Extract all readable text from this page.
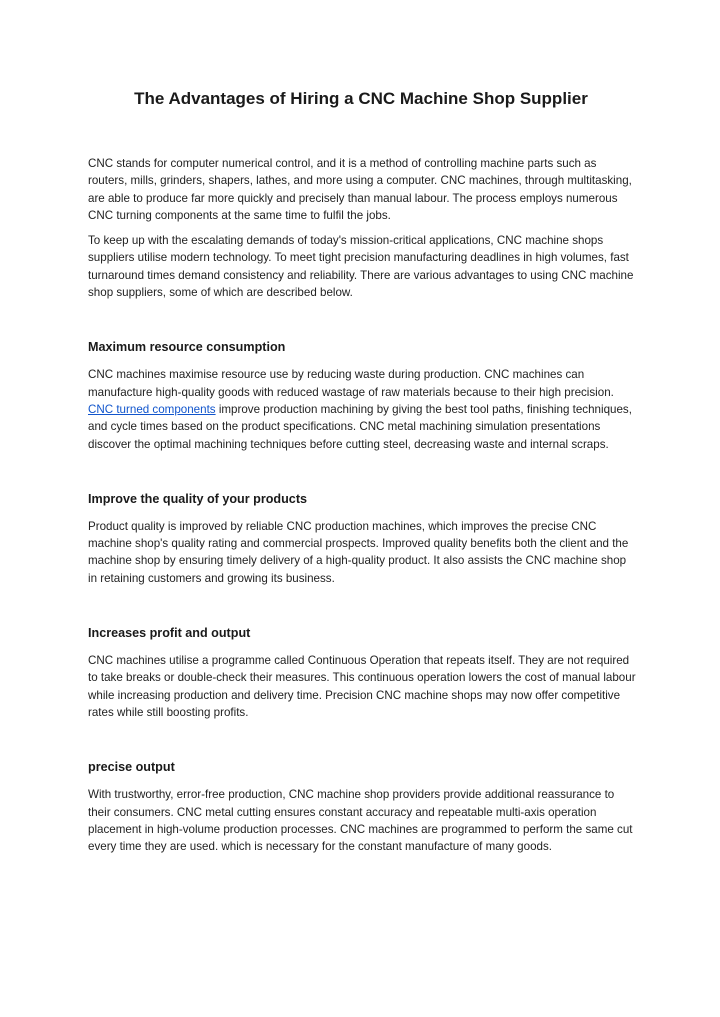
The Advantages of Hiring a CNC Machine Shop Supplier

CNC stands for computer numerical control, and it is a method of controlling machine parts such as routers, mills, grinders, shapers, lathes, and more using a computer. CNC machines, through multitasking, are able to produce far more quickly and precisely than manual labour. The process employs numerous CNC turning components at the same time to fulfil the jobs.

To keep up with the escalating demands of today's mission-critical applications, CNC machine shops suppliers utilise modern technology. To meet tight precision manufacturing deadlines in high volumes, fast turnaround times demand consistency and reliability. There are various advantages to using CNC machine shop suppliers, some of which are described below.

Maximum resource consumption

CNC machines maximise resource use by reducing waste during production. CNC machines can manufacture high-quality goods with reduced wastage of raw materials because to their high precision. CNC turned components improve production machining by giving the best tool paths, finishing techniques, and cycle times based on the product specifications. CNC metal machining simulation presentations discover the optimal machining techniques before cutting steel, decreasing waste and internal scraps.

Improve the quality of your products

Product quality is improved by reliable CNC production machines, which improves the precise CNC machine shop's quality rating and commercial prospects. Improved quality benefits both the client and the machine shop by ensuring timely delivery of a high-quality product. It also assists the CNC machine shop in retaining customers and growing its business.

Increases profit and output

CNC machines utilise a programme called Continuous Operation that repeats itself. They are not required to take breaks or double-check their measures. This continuous operation lowers the cost of manual labour while increasing production and delivery time. Precision CNC machine shops may now offer competitive rates while still boosting profits.

precise output

With trustworthy, error-free production, CNC machine shop providers provide additional reassurance to their consumers. CNC metal cutting ensures constant accuracy and repeatable multi-axis operation placement in high-volume production processes. CNC machines are programmed to perform the same cut every time they are used. which is necessary for the constant manufacture of many goods.
